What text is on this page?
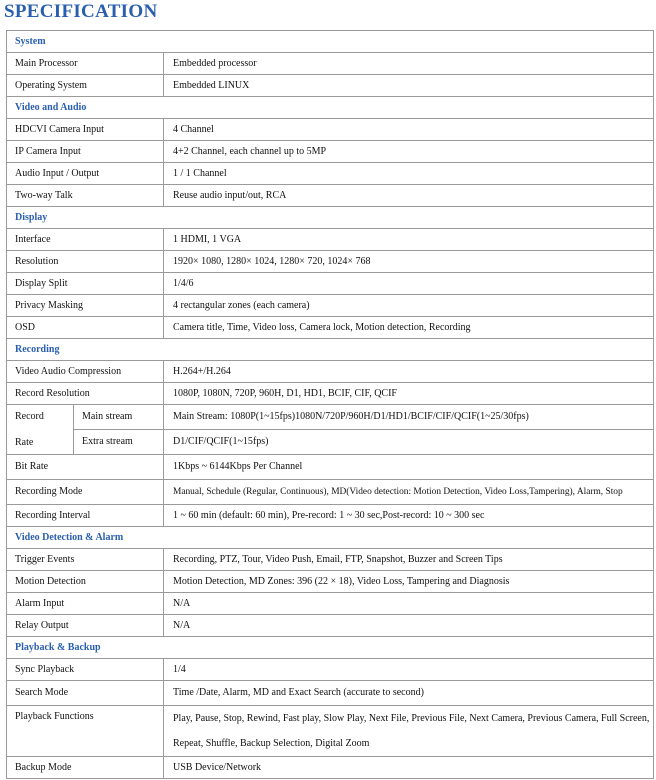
SPECIFICATION
System		
Main Processor		Embedded processor
Operating System		Embedded LINUX
Video and Audio		
HDCVI Camera Input		4 Channel
IP Camera Input		4+2 Channel, each channel up to 5MP
Audio Input / Output		1 / 1 Channel
Two-way Talk		Reuse audio input/out, RCA
Display		
Interface		1 HDMI, 1 VGA
Resolution		1920× 1080, 1280× 1024, 1280× 720, 1024× 768
Display Split		1/4/6
Privacy Masking		4 rectangular zones (each camera)
OSD		Camera title, Time, Video loss, Camera lock, Motion detection, Recording
Recording		
Video Audio Compression		H.264+/H.264
Record Resolution		1080P, 1080N, 720P, 960H, D1, HD1, BCIF, CIF, QCIF

Record
Rate	Main stream	Main Stream: 1080P(1~15fps)1080N/720P/960H/D1/HD1/BCIF/CIF/QCIF(1~25/30fps)
	Extra stream	D1/CIF/QCIF(1~15fps)
Bit Rate		1Kbps ~ 6144Kbps Per Channel
Recording Mode		Manual, Schedule (Regular, Continuous), MD(Video detection: Motion Detection, Video Loss,Tampering), Alarm, Stop
Recording Interval		1 ~ 60 min (default: 60 min), Pre-record: 1 ~ 30 sec,Post-record: 10 ~ 300 sec
Video Detection & Alarm		
Trigger Events		Recording, PTZ, Tour, Video Push, Email, FTP, Snapshot, Buzzer and Screen Tips
Motion Detection		Motion Detection, MD Zones: 396 (22 × 18), Video Loss, Tampering and Diagnosis
Alarm Input		N/A
Relay Output		N/A
Playback & Backup		
Sync Playback		1/4
Search Mode		Time /Date, Alarm, MD and Exact Search (accurate to second)
Playback Functions		Play, Pause, Stop, Rewind, Fast play, Slow Play, Next File, Previous File, Next Camera, Previous Camera, Full Screen, Repeat, Shuffle, Backup Selection, Digital Zoom
Backup Mode		USB Device/Network
